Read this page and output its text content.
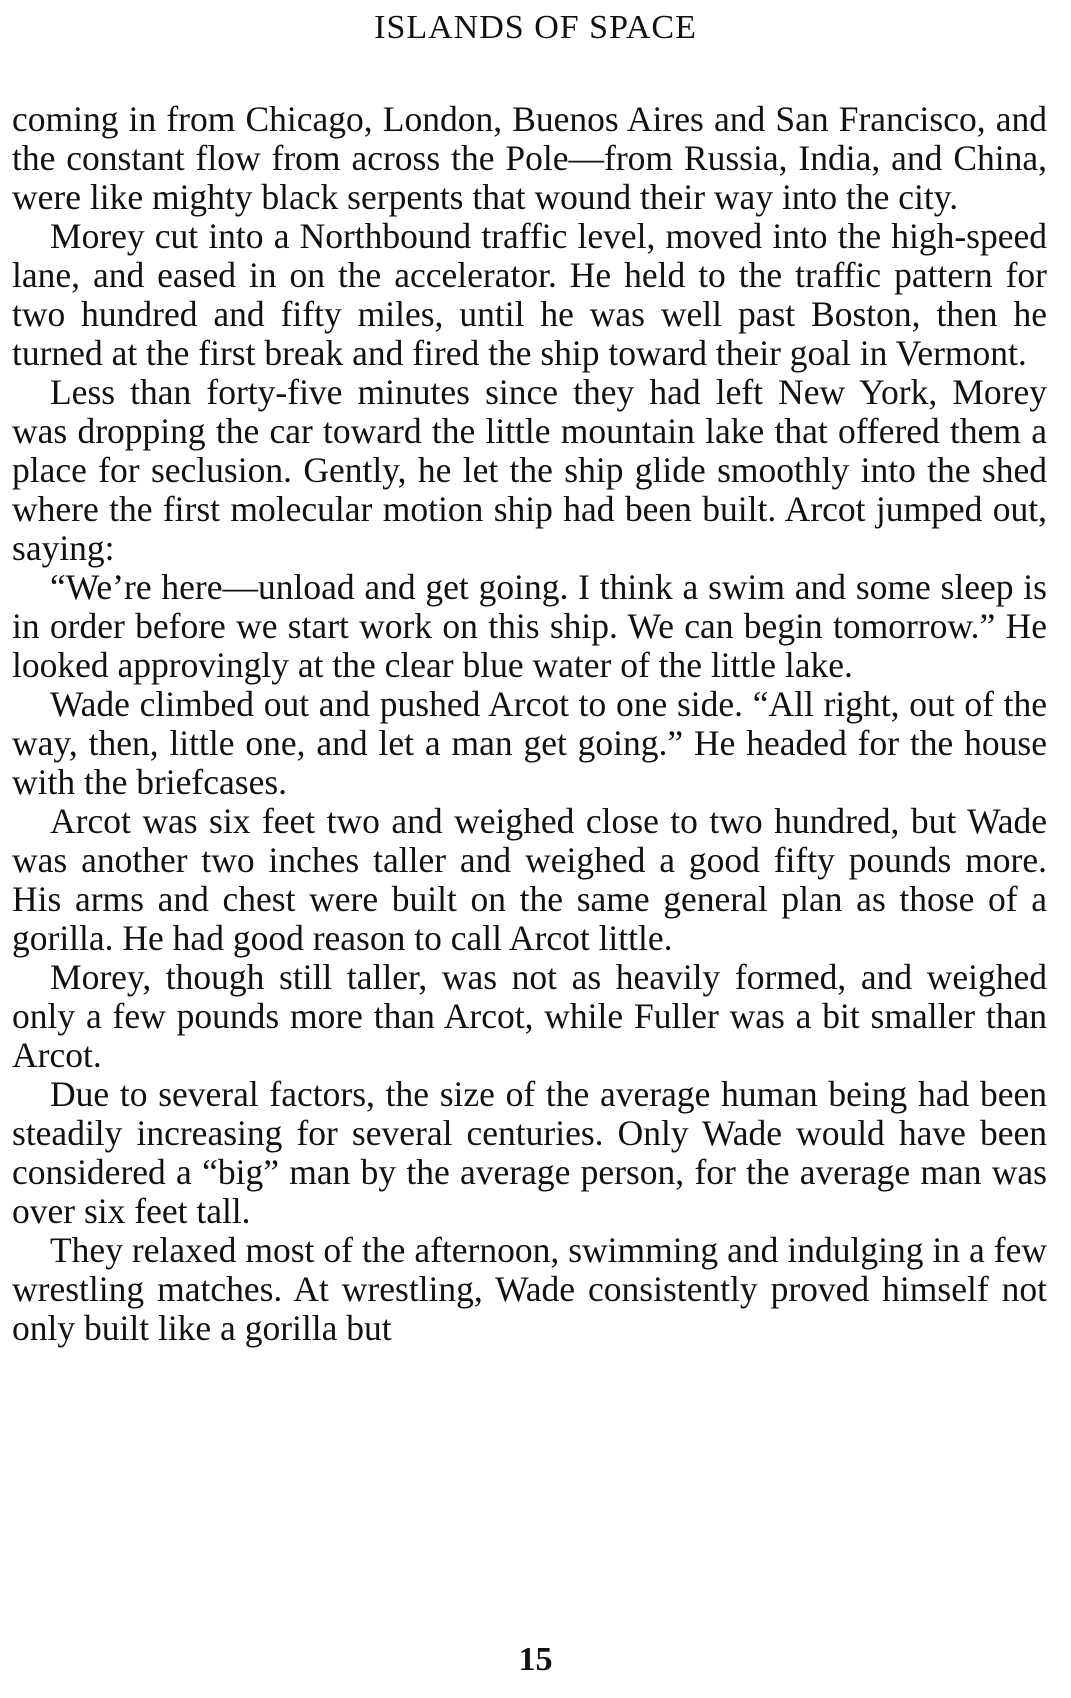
ISLANDS OF SPACE

coming in from Chicago, London, Buenos Aires and San Francisco, and the constant flow from across the Pole—from Russia, India, and China, were like mighty black serpents that wound their way into the city.

Morey cut into a Northbound traffic level, moved into the high-speed lane, and eased in on the accelerator. He held to the traffic pattern for two hundred and fifty miles, until he was well past Boston, then he turned at the first break and fired the ship toward their goal in Vermont.

Less than forty-five minutes since they had left New York, Morey was dropping the car toward the little mountain lake that offered them a place for seclusion. Gently, he let the ship glide smoothly into the shed where the first molecular motion ship had been built. Arcot jumped out, saying:

“We’re here—unload and get going. I think a swim and some sleep is in order before we start work on this ship. We can begin tomorrow.” He looked approvingly at the clear blue water of the little lake.

Wade climbed out and pushed Arcot to one side. “All right, out of the way, then, little one, and let a man get going.” He headed for the house with the briefcases.

Arcot was six feet two and weighed close to two hundred, but Wade was another two inches taller and weighed a good fifty pounds more. His arms and chest were built on the same general plan as those of a gorilla. He had good reason to call Arcot little.

Morey, though still taller, was not as heavily formed, and weighed only a few pounds more than Arcot, while Fuller was a bit smaller than Arcot.

Due to several factors, the size of the average human being had been steadily increasing for several centuries. Only Wade would have been considered a “big” man by the average person, for the average man was over six feet tall.

They relaxed most of the afternoon, swimming and indulging in a few wrestling matches. At wrestling, Wade consistently proved himself not only built like a gorilla but

15
